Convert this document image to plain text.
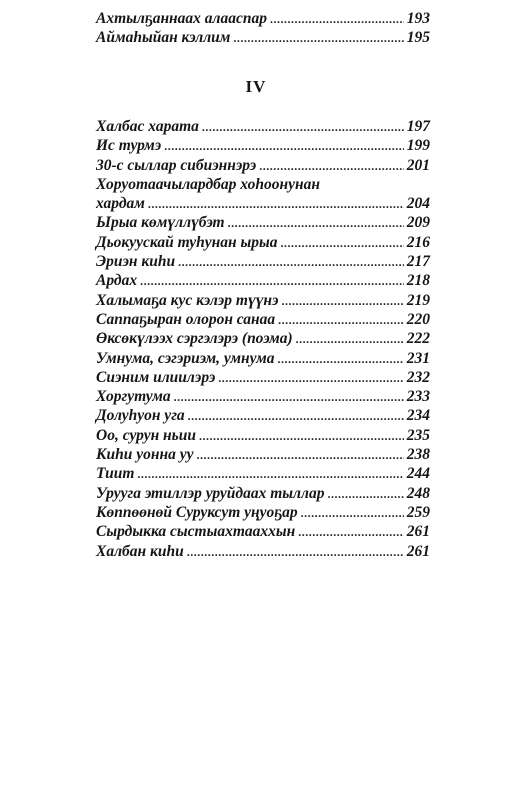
Ахтылҕаннаах алааспар .....	193
Аймаһыйан кэллим .....	195
IV
Халбас харата .....	197
Ис турмэ .....	199
30-с сыллар сибиэннэрэ .....	201
Хоруотаачылардбар хоһоонунан
хардам .....	204
Ырыа көмүллүбэт .....	209
Дьокуускай туһунан ырыа .....	216
Эриэн киһи .....	217
Ардах .....	218
Халымаҕа кус кэлэр түүнэ .....	219
Саппаҕыран олорон санаа .....	220
Өксөкүлээх сэргэлэрэ (поэма) .....	222
Умнума, сэгэриэм, умнума .....	231
Сиэним илиилэрэ .....	232
Хоргутума .....	233
Долуһуон уга .....	234
Оо, сурун ньии .....	235
Киһи уонна уу .....	238
Тиит .....	244
Урууга этиллэр уруйдаах тыллар .....	248
Көппөөнөй Суруксут уңуоҕар .....	259
Сырдыкка сыстыахтааххын .....	261
Халбан киһи .....	261
